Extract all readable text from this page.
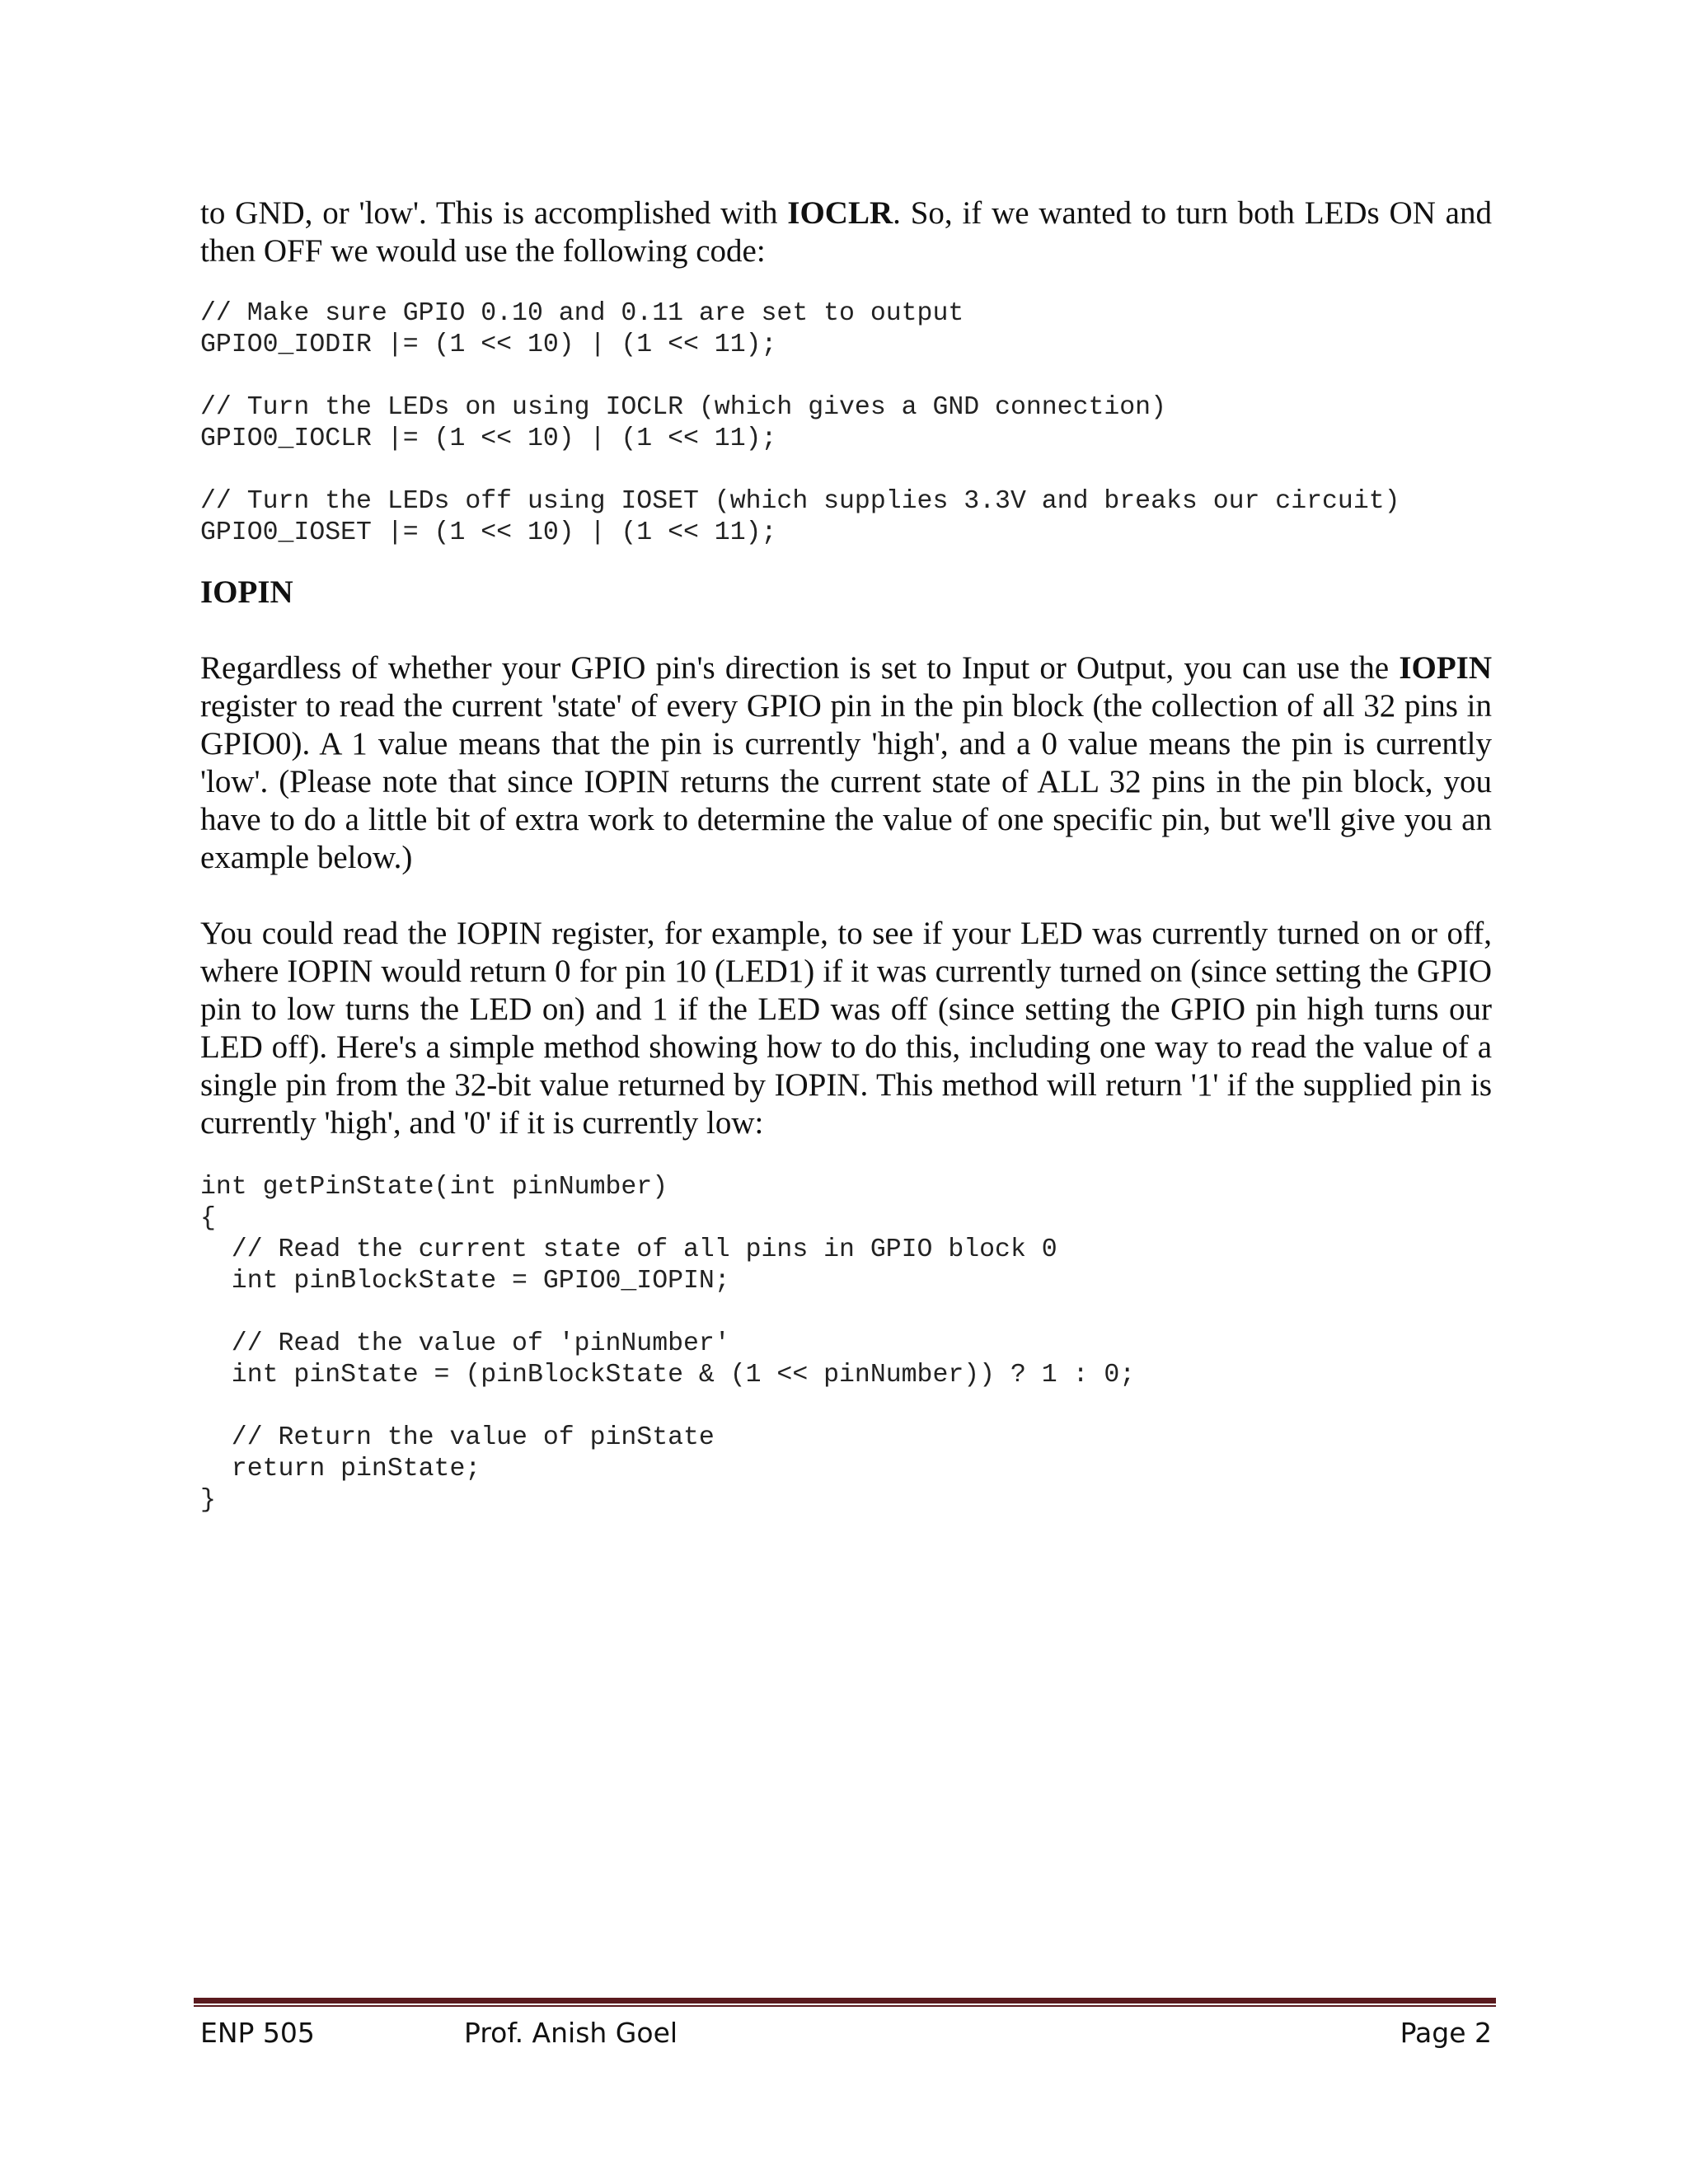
to GND, or 'low'. This is accomplished with IOCLR. So, if we wanted to turn both LEDs ON and then OFF we would use the following code:

// Make sure GPIO 0.10 and 0.11 are set to output
GPIO0_IODIR |= (1 << 10) | (1 << 11);
// Turn the LEDs on using IOCLR (which gives a GND connection)
GPIO0_IOCLR |= (1 << 10) | (1 << 11);
// Turn the LEDs off using IOSET (which supplies 3.3V and breaks our circuit)
GPIO0_IOSET |= (1 << 10) | (1 << 11);
IOPIN

Regardless of whether your GPIO pin's direction is set to Input or Output, you can use the IOPIN register to read the current 'state' of every GPIO pin in the pin block (the collection of all 32 pins in GPIO0). A 1 value means that the pin is currently 'high', and a 0 value means the pin is currently 'low'. (Please note that since IOPIN returns the current state of ALL 32 pins in the pin block, you have to do a little bit of extra work to determine the value of one specific pin, but we'll give you an example below.)

You could read the IOPIN register, for example, to see if your LED was currently turned on or off, where IOPIN would return 0 for pin 10 (LED1) if it was currently turned on (since setting the GPIO pin to low turns the LED on) and 1 if the LED was off (since setting the GPIO pin high turns our LED off). Here's a simple method showing how to do this, including one way to read the value of a single pin from the 32-bit value returned by IOPIN. This method will return '1' if the supplied pin is currently 'high', and '0' if it is currently low:

int getPinState(int pinNumber)
{
// Read the current state of all pins in GPIO block 0
int pinBlockState = GPIO0_IOPIN;
// Read the value of 'pinNumber'
int pinState = (pinBlockState & (1 << pinNumber)) ? 1 : 0;
// Return the value of pinState
return pinState;
}
ENP 505	Prof. Anish Goel	Page 2
